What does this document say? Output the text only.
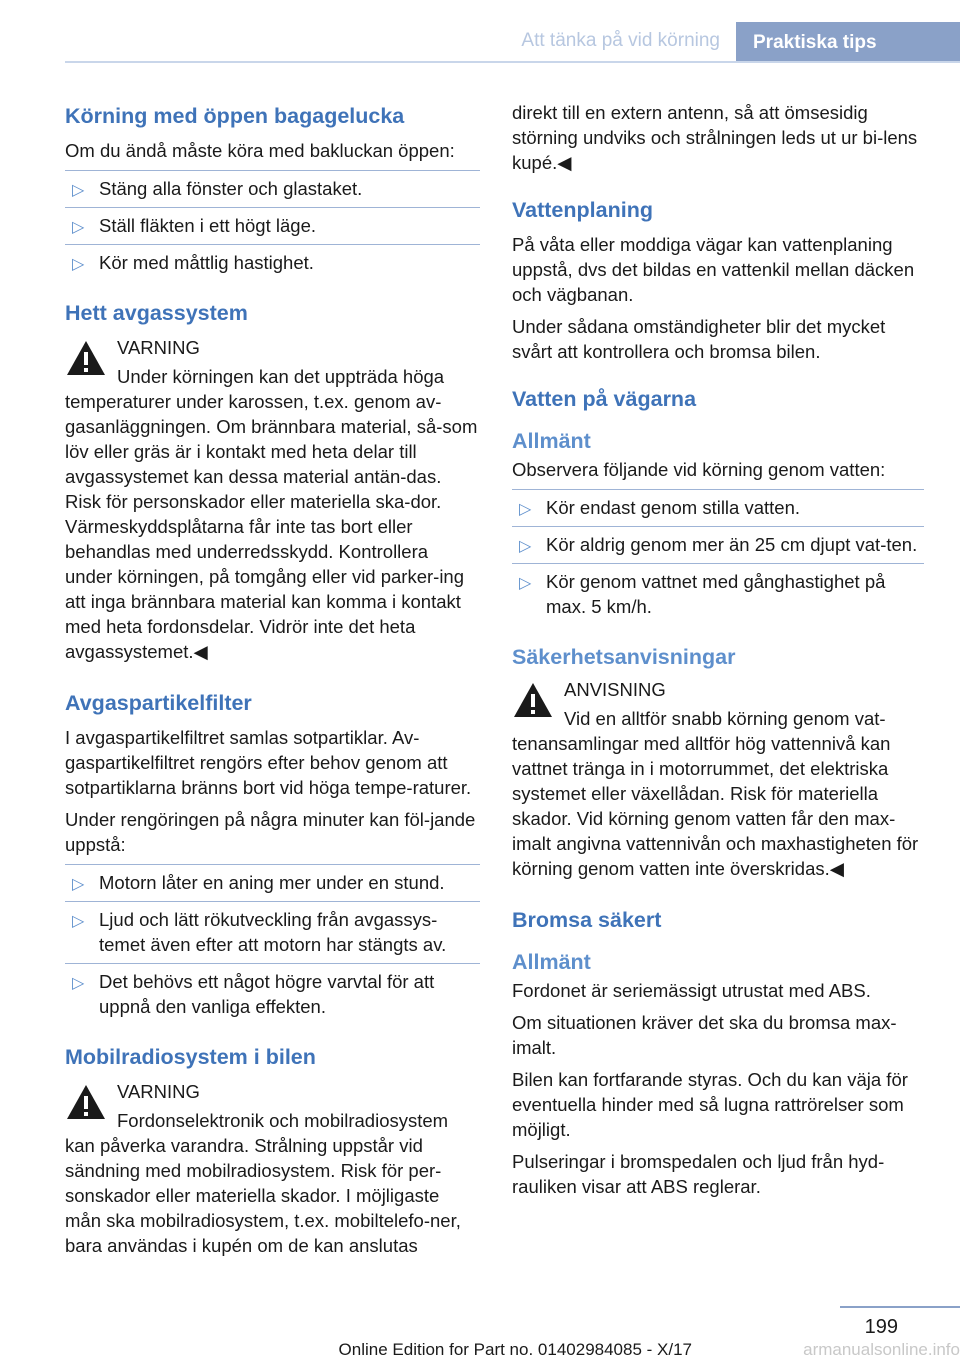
Att tänka på vid körning	Praktiska tips
Körning med öppen bagagelucka

Om du ändå måste köra med bakluckan öppen:

▷ Stäng alla fönster och glastaket.
▷ Ställ fläkten i ett högt läge.
▷ Kör med måttlig hastighet.
Hett avgassystem
VARNING
Under körningen kan det uppträda höga

temperaturer under karossen, t.ex. genom av-gasanläggningen. Om brännbara material, så-som löv eller gräs är i kontakt med heta delar till avgassystemet kan dessa material antän-das. Risk för personskador eller materiella ska-dor. Värmeskyddsplåtarna får inte tas bort eller behandlas med underredsskydd. Kontrollera under körningen, på tomgång eller vid parker-ing att inga brännbara material kan komma i kontakt med heta fordonsdelar. Vidrör inte det heta avgassystemet.◀

Avgaspartikelfilter

I avgaspartikelfiltret samlas sotpartiklar. Av-gaspartikelfiltret rengörs efter behov genom att sotpartiklarna bränns bort vid höga tempe-raturer.

Under rengöringen på några minuter kan föl-jande uppstå:

▷ Motorn låter en aning mer under en stund.
▷ Ljud och lätt rökutveckling från avgassys-temet även efter att motorn har stängts av.
▷ Det behövs ett något högre varvtal för att uppnå den vanliga effekten.
Mobilradiosystem i bilen
VARNING
Fordonselektronik och mobilradiosystem

kan påverka varandra. Strålning uppstår vid sändning med mobilradiosystem. Risk för per-sonskador eller materiella skador. I möjligaste mån ska mobilradiosystem, t.ex. mobiltelefo-ner, bara användas i kupén om de kan anslutas

direkt till en extern antenn, så att ömsesidig störning undviks och strålningen leds ut ur bi-lens kupé.◀

Vattenplaning

På våta eller moddiga vägar kan vattenplaning uppstå, dvs det bildas en vattenkil mellan däcken och vägbanan.

Under sådana omständigheter blir det mycket svårt att kontrollera och bromsa bilen.

Vatten på vägarna
Allmänt

Observera följande vid körning genom vatten:

▷ Kör endast genom stilla vatten.
▷ Kör aldrig genom mer än 25 cm djupt vat-ten.
▷ Kör genom vattnet med gånghastighet på max. 5 km/h.
Säkerhetsanvisningar
ANVISNING
Vid en alltför snabb körning genom vat-

tenansamlingar med alltför hög vattennivå kan vattnet tränga in i motorrummet, det elektriska systemet eller växellådan. Risk för materiella skador. Vid körning genom vatten får den max-imalt angivna vattennivån och maxhastigheten för körning genom vatten inte överskridas.◀

Bromsa säkert
Allmänt

Fordonet är seriemässigt utrustat med ABS.

Om situationen kräver det ska du bromsa max-imalt.

Bilen kan fortfarande styras. Och du kan väja för eventuella hinder med så lugna rattrörelser som möjligt.

Pulseringar i bromspedalen och ljud från hyd-rauliken visar att ABS reglerar.

199
Online Edition for Part no. 01402984085 - X/17	armanualsonline.info
